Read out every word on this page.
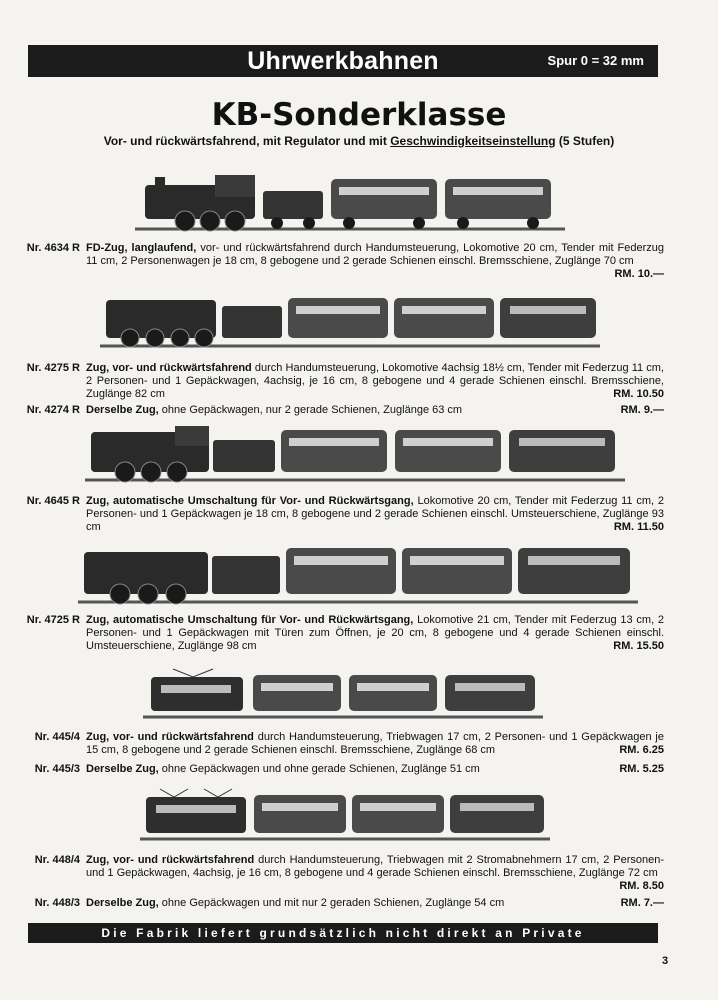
Uhrwerkbahnen	Spur 0 = 32 mm
KB-Sonderklasse
Vor- und rückwärtsfahrend, mit Regulator und mit Geschwindigkeitseinstellung (5 Stufen)
Nr. 4634 R FD-Zug, langlaufend, vor- und rückwärtsfahrend durch Handumsteuerung, Lokomotive 20 cm, Tender mit Federzug 11 cm, 2 Personenwagen je 18 cm, 8 gebogene und 2 gerade Schienen einschl. Bremsschiene, Zuglänge 70 cm
RM. 10.—
Nr. 4275 R Zug, vor- und rückwärtsfahrend durch Handumsteuerung, Lokomotive 4achsig 18½ cm, Tender mit Federzug 11 cm, 2 Personen- und 1 Gepäckwagen, 4achsig, je 16 cm, 8 gebogene und 4 gerade Schienen einschl. Bremsschiene, Zuglänge 82 cm	RM. 10.50
Nr. 4274 R Derselbe Zug, ohne Gepäckwagen, nur 2 gerade Schienen, Zuglänge 63 cm	RM. 9.—
Nr. 4645 R Zug, automatische Umschaltung für Vor- und Rückwärtsgang, Lokomotive 20 cm, Tender mit Federzug 11 cm, 2 Personen- und 1 Gepäckwagen je 18 cm, 8 gebogene und 2 gerade Schienen einschl. Umsteuerschiene, Zuglänge 93 cm	RM. 11.50
Nr. 4725 R Zug, automatische Umschaltung für Vor- und Rückwärtsgang, Lokomotive 21 cm, Tender mit Federzug 13 cm, 2 Personen- und 1 Gepäckwagen mit Türen zum Öffnen, je 20 cm, 8 gebogene und 4 gerade Schienen einschl. Umsteuerschiene, Zuglänge 98 cm	RM. 15.50
Nr. 445/4 Zug, vor- und rückwärtsfahrend durch Handumsteuerung, Triebwagen 17 cm, 2 Personen- und 1 Gepäckwagen je 15 cm, 8 gebogene und 2 gerade Schienen einschl. Bremsschiene, Zuglänge 68 cm	RM. 6.25
Nr. 445/3 Derselbe Zug, ohne Gepäckwagen und ohne gerade Schienen, Zuglänge 51 cm	RM. 5.25
Nr. 448/4 Zug, vor- und rückwärtsfahrend durch Handumsteuerung, Triebwagen mit 2 Stromabnehmern 17 cm, 2 Personen- und 1 Gepäckwagen, 4achsig, je 16 cm, 8 gebogene und 4 gerade Schienen einschl. Bremsschiene, Zuglänge 72 cm
RM. 8.50
Nr. 448/3 Derselbe Zug, ohne Gepäckwagen und mit nur 2 geraden Schienen, Zuglänge 54 cm	RM. 7.—
Die Fabrik liefert grundsätzlich nicht direkt an Private
3
